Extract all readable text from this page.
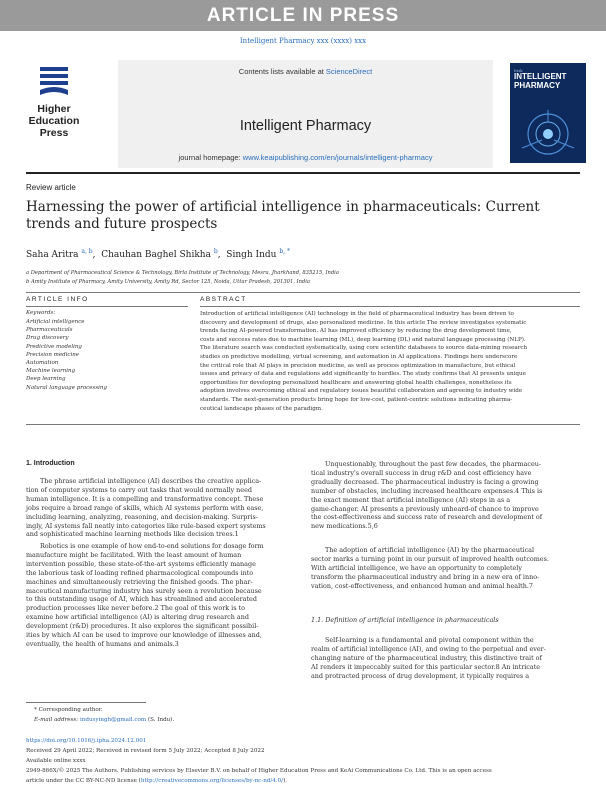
ARTICLE IN PRESS
Intelligent Pharmacy xxx (xxxx) xxx
Higher
Education
Press
Contents lists available at ScienceDirect
Intelligent Pharmacy
journal homepage: www.keaipublishing.com/en/journals/intelligent-pharmacy
KeAi
INTELLIGENT
PHARMACY
Review article
Harnessing the power of artificial intelligence in pharmaceuticals: Current
trends and future prospects
Saha Aritra $^{a, b}$,  Chauhan Baghel Shikha $^b$,  Singh Indu $^{b, *}$
a Department of Pharmaceutical Science & Technology, Birla Institute of Technology, Mesra, Jharkhand, 835215, India
b Amity Institute of Pharmacy, Amity University, Amity Rd, Sector 125, Noida, Uttar Pradesh, 201301, India
ARTICLE INFO	ABSTRACT
Keywords:
Artificial intelligence
Pharmaceuticals
Drug discovery
Predictive modeling
Precision medicine
Automation
Machine learning
Deep learning
Natural language processing
Introduction of artificial intelligence (AI) technology in the field of pharmaceutical industry has been driven to
discovery and development of drugs, also personalized medicine. In this article The review investigates systematic
trends facing AI-powered transformation. AI has improved efficiency by reducing the drug development time,
costs and success rates due to machine learning (ML), deep learning (DL) and natural language processing (NLP).
The literature search was conducted systematically, using core scientific databases to source data-mining research
studies on predictive modelling, virtual screening, and automation in AI applications. Findings here underscore
the critical role that AI plays in precision medicine, as well as process optimization in manufacture, but ethical
issues and privacy of data and regulations add significantly to hurdles. The study confirms that AI presents unique
opportunities for developing personalized healthcare and answering global health challenges, nonetheless its
adoption involves overcoming ethical and regulatory issues beautiful collaboration and agreeing to industry wide
standards. The next-generation products bring hope for low-cost, patient-centric solutions indicating pharma-
ceutical landscape phases of the paradigm.
1. Introduction
The phrase artificial intelligence (AI) describes the creative applica-
tion of computer systems to carry out tasks that would normally need
human intelligence. It is a compelling and transformative concept. These
jobs require a broad range of skills, which AI systems perform with ease,
including learning, analyzing, reasoning, and decision-making. Surpris-
ingly, AI systems fall neatly into categories like rule-based expert systems
and sophisticated machine learning methods like decision trees.1
Robotics is one example of how end-to-end solutions for dosage form
manufacture might be facilitated. With the least amount of human
intervention possible, these state-of-the-art systems efficiently manage
the laborious task of loading refined pharmacological compounds into
machines and simultaneously retrieving the finished goods. The phar-
maceutical manufacturing industry has surely seen a revolution because
to this outstanding usage of AI, which has streamlined and accelerated
production processes like never before.2 The goal of this work is to
examine how artificial intelligence (AI) is altering drug research and
development (r&D) procedures. It also explores the significant possibil-
ities by which AI can be used to improve our knowledge of illnesses and,
eventually, the health of humans and animals.3
Unquestionably, throughout the past few decades, the pharmaceu-
tical industry's overall success in drug r&D and cost efficiency have
gradually decreased. The pharmaceutical industry is facing a growing
number of obstacles, including increased healthcare expenses.4 This is
the exact moment that artificial intelligence (AI) steps in as a
game-changer. AI presents a previously unheard-of chance to improve
the cost-effectiveness and success rate of research and development of
new medications.5,6
The adoption of artificial intelligence (AI) by the pharmaceutical
sector marks a turning point in our pursuit of improved health outcomes.
With artificial intelligence, we have an opportunity to completely
transform the pharmaceutical industry and bring in a new era of inno-
vation, cost-effectiveness, and enhanced human and animal health.7
1.1. Definition of artificial intelligence in pharmaceuticals
Self-learning is a fundamental and pivotal component within the
realm of artificial intelligence (AI), and owing to the perpetual and ever-
changing nature of the pharmaceutical industry, this distinctive trait of
AI renders it impeccably suited for this particular sector.8 An intricate
and protracted process of drug development, it typically requires a
* Corresponding author.
E-mail address: indusyingh@gmail.com (S. Indu).
https://doi.org/10.1016/j.ipha.2024.12.001
Received 29 April 2022; Received in revised form 5 July 2022; Accepted 8 July 2022
Available online xxxx
2949-866X/© 2025 The Authors. Publishing services by Elsevier B.V. on behalf of Higher Education Press and KeAi Communications Co. Ltd. This is an open access
article under the CC BY-NC-ND license (http://creativecommons.org/licenses/by-nc-nd/4.0/).
